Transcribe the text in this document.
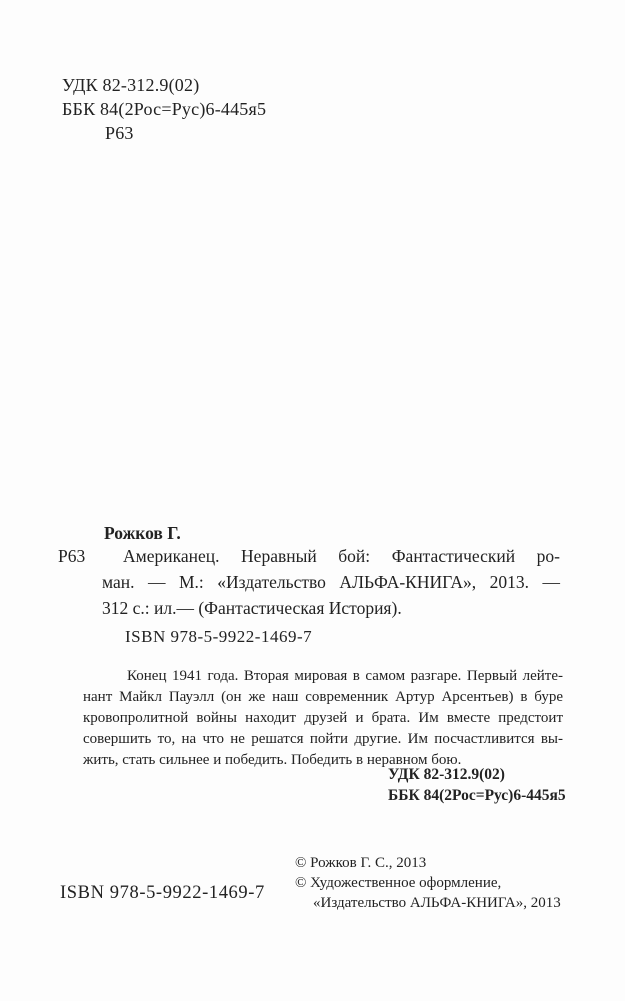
УДК 82-312.9(02)
ББК 84(2Рос=Рус)6-445я5
Р63
Рожков Г.
Р63	Американец. Неравный бой: Фантастический ро-
ман. — М.: «Издательство АЛЬФА-КНИГА», 2013. —
312 с.: ил.— (Фантастическая История).
ISBN 978-5-9922-1469-7
Конец 1941 года. Вторая мировая в самом разгаре. Первый лейте-
нант Майкл Пауэлл (он же наш современник Артур Арсентьев) в буре
кровопролитной войны находит друзей и брата. Им вместе предстоит
совершить то, на что не решатся пойти другие. Им посчастливится вы-
жить, стать сильнее и победить. Победить в неравном бою.
УДК 82-312.9(02)
ББК 84(2Рос=Рус)6-445я5
© Рожков Г. С., 2013
© Художественное оформление,
«Издательство АЛЬФА-КНИГА», 2013
ISBN 978-5-9922-1469-7
